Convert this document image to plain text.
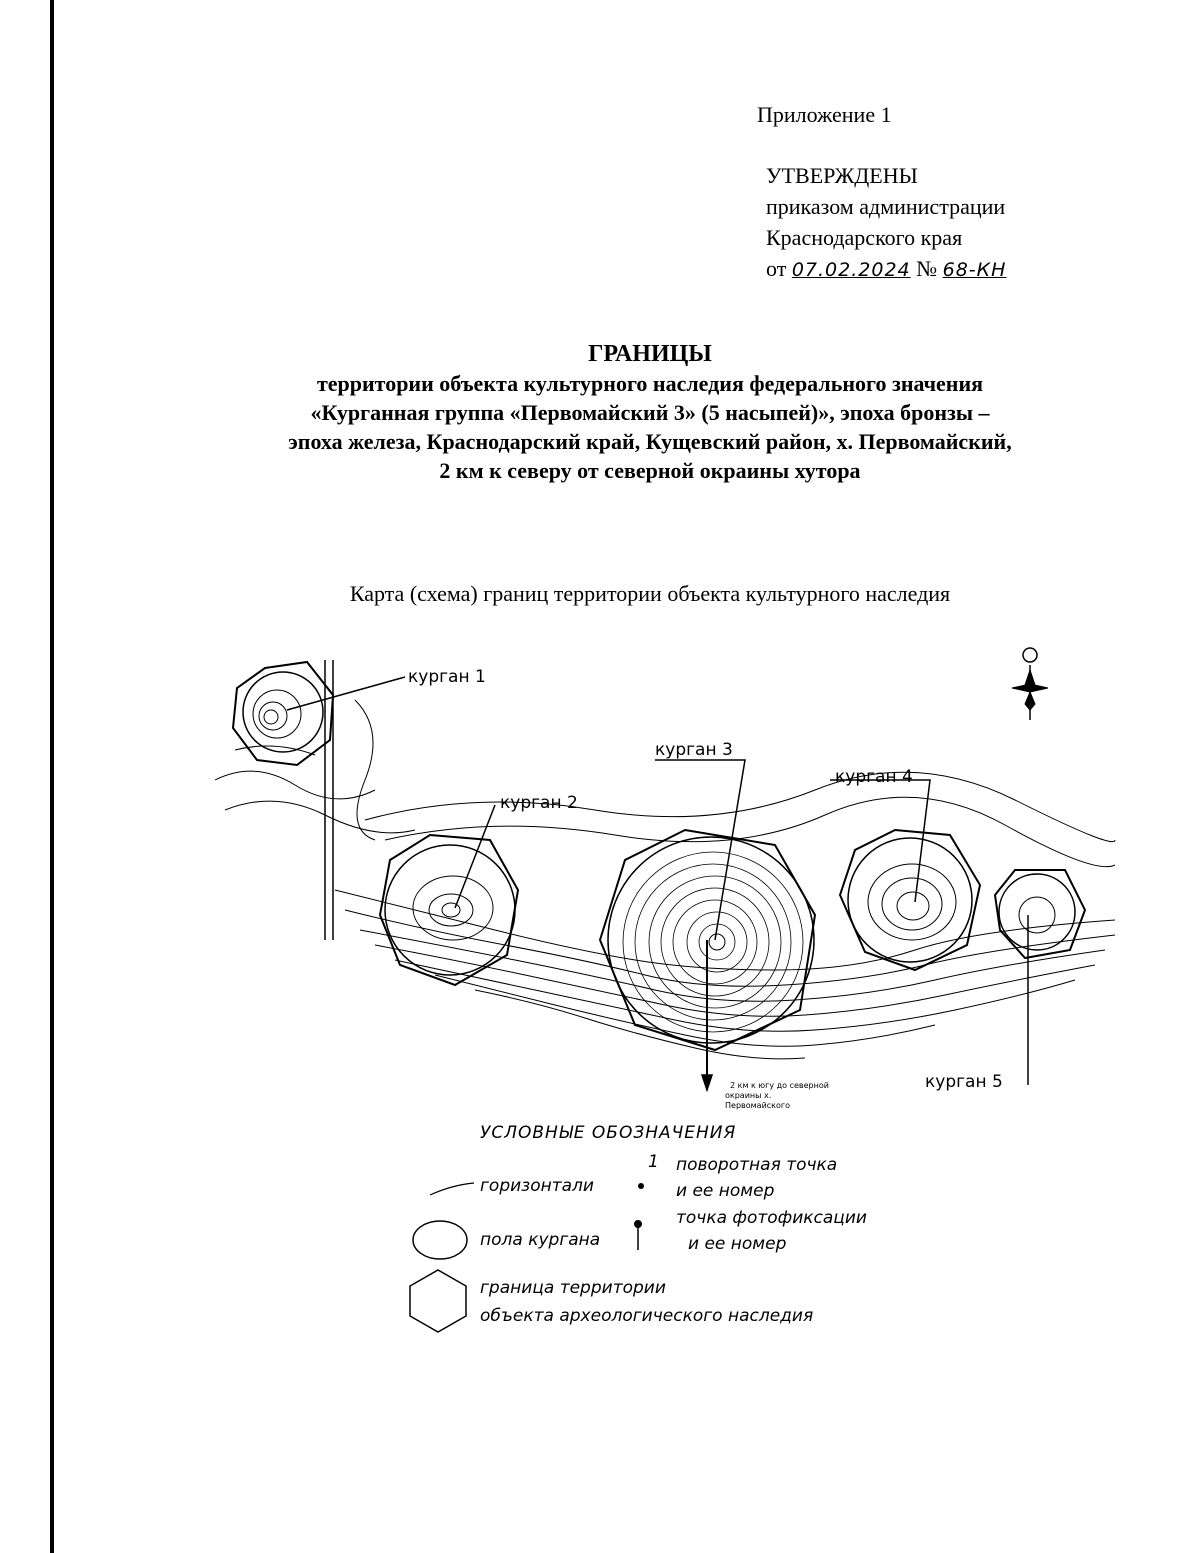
Приложение 1
УТВЕРЖДЕНЫ
приказом администрации
Краснодарского края
от 07.02.2024 № 68-КН
ГРАНИЦЫ
территории объекта культурного наследия федерального значения
«Курганная группа «Первомайский 3» (5 насыпей)», эпоха бронзы –
эпоха железа, Краснодарский край, Кущевский район, х. Первомайский,
2 км к северу от северной окраины хутора
Карта (схема) границ территории объекта культурного наследия
курган 1
курган 2
курган 3
курган 4
курган 5
2 км к югу до северной
окраины х.
Первомайского
УСЛОВНЫЕ ОБОЗНАЧЕНИЯ
горизонтали
1 поворотная точка
и ее номер
пола кургана
точка фотофиксации
и ее номер
граница территории
объекта археологического наследия
